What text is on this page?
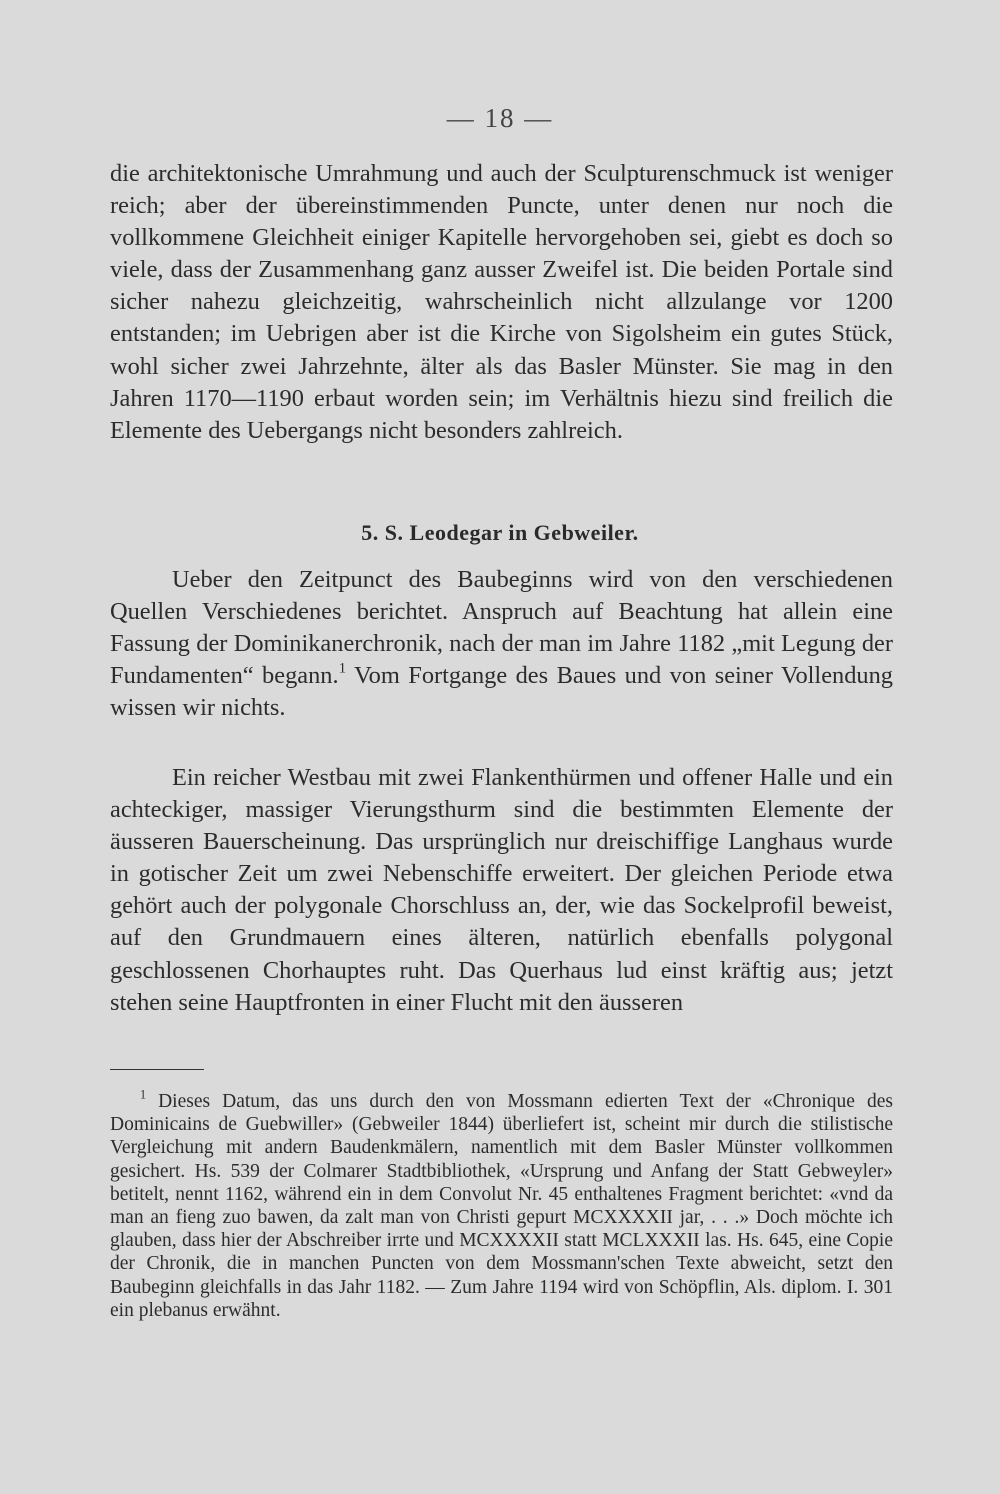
— 18 —

die architektonische Umrahmung und auch der Sculpturenschmuck ist weniger reich; aber der übereinstimmenden Puncte, unter denen nur noch die vollkommene Gleichheit einiger Kapitelle hervorgehoben sei, giebt es doch so viele, dass der Zusammenhang ganz ausser Zweifel ist. Die beiden Portale sind sicher nahezu gleichzeitig, wahrscheinlich nicht allzulange vor 1200 entstanden; im Uebrigen aber ist die Kirche von Sigolsheim ein gutes Stück, wohl sicher zwei Jahrzehnte, älter als das Basler Münster. Sie mag in den Jahren 1170—1190 erbaut worden sein; im Verhältnis hiezu sind freilich die Elemente des Uebergangs nicht besonders zahlreich.

5. S. Leodegar in Gebweiler.

Ueber den Zeitpunct des Baubeginns wird von den verschiedenen Quellen Verschiedenes berichtet. Anspruch auf Beachtung hat allein eine Fassung der Dominikanerchronik, nach der man im Jahre 1182 „mit Legung der Fundamenten“ begann.$^1$ Vom Fortgange des Baues und von seiner Vollendung wissen wir nichts.

Ein reicher Westbau mit zwei Flankenthürmen und offener Halle und ein achteckiger, massiger Vierungsthurm sind die bestimmten Elemente der äusseren Bauerscheinung. Das ursprünglich nur dreischiffige Langhaus wurde in gotischer Zeit um zwei Nebenschiffe erweitert. Der gleichen Periode etwa gehört auch der polygonale Chorschluss an, der, wie das Sockelprofil beweist, auf den Grundmauern eines älteren, natürlich ebenfalls polygonal geschlossenen Chorhauptes ruht. Das Querhaus lud einst kräftig aus; jetzt stehen seine Hauptfronten in einer Flucht mit den äusseren

$^1$ Dieses Datum, das uns durch den von Mossmann edierten Text der «Chronique des Dominicains de Guebwiller» (Gebweiler 1844) überliefert ist, scheint mir durch die stilistische Vergleichung mit andern Baudenkmälern, namentlich mit dem Basler Münster vollkommen gesichert. Hs. 539 der Colmarer Stadtbibliothek, «Ursprung und Anfang der Statt Gebweyler» betitelt, nennt 1162, während ein in dem Convolut Nr. 45 enthaltenes Fragment berichtet: «vnd da man an fieng zuo bawen, da zalt man von Christi gepurt MCXXXXII jar, . . .» Doch möchte ich glauben, dass hier der Abschreiber irrte und MCXXXXII statt MCLXXXII las. Hs. 645, eine Copie der Chronik, die in manchen Puncten von dem Mossmann'schen Texte abweicht, setzt den Baubeginn gleichfalls in das Jahr 1182. — Zum Jahre 1194 wird von Schöpflin, Als. diplom. I. 301 ein plebanus erwähnt.
